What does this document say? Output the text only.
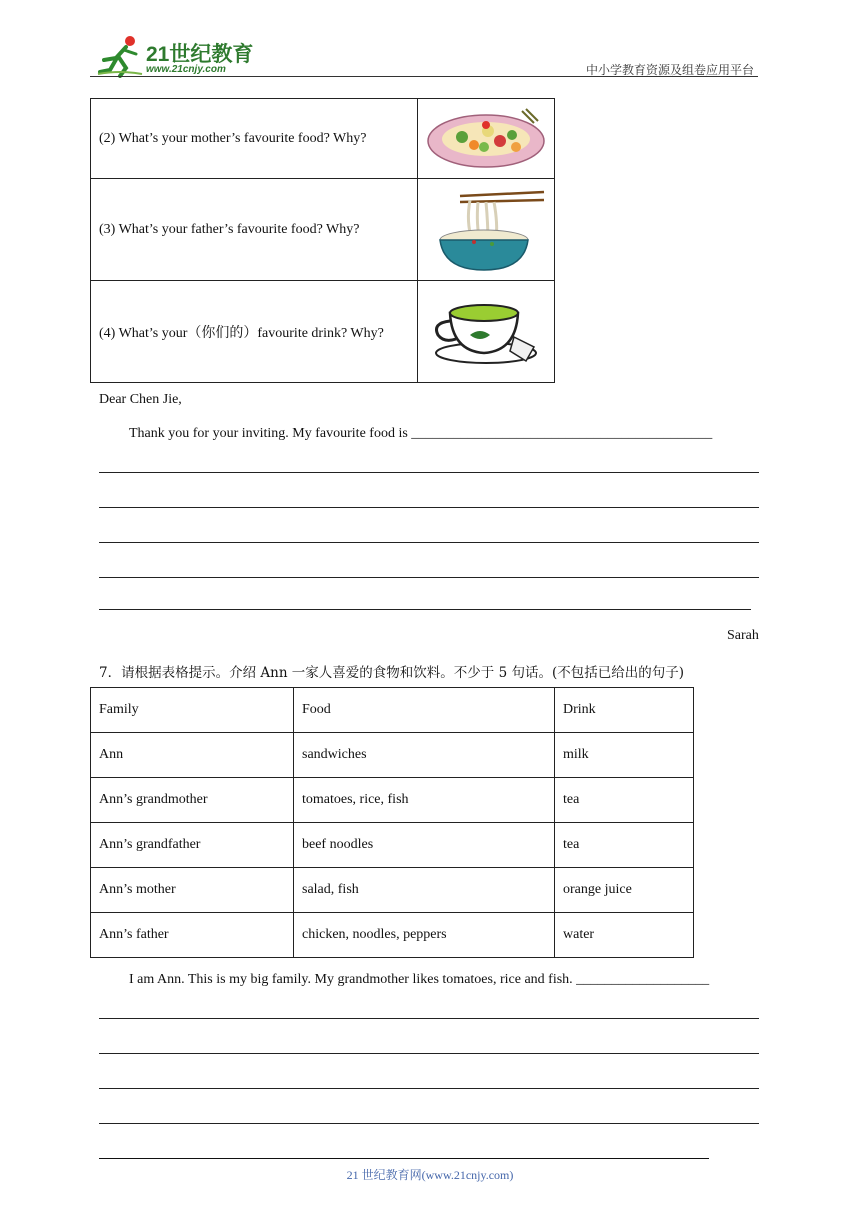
21世纪教育
www.21cnjy.com	中小学教育资源及组卷应用平台
(2) What’s your mother’s favourite food? Why?	
(3) What’s your father’s favourite food? Why?	
(4) What’s your（你们的）favourite drink? Why?	
Dear Chen Jie,
Thank you for your inviting. My favourite food is ___________________________________________
Sarah
7．请根据表格提示。介绍 Ann 一家人喜爱的食物和饮料。不少于 5 句话。(不包括已给出的句子)
Family	Food	Drink
Ann	sandwiches	milk
Ann’s grandmother	tomatoes, rice, fish	tea
Ann’s grandfather	beef noodles	tea
Ann’s mother	salad, fish	orange juice
Ann’s father	chicken, noodles, peppers	water
I am Ann. This is my big family. My grandmother likes tomatoes, rice and fish. ___________________
21 世纪教育网(www.21cnjy.com)
